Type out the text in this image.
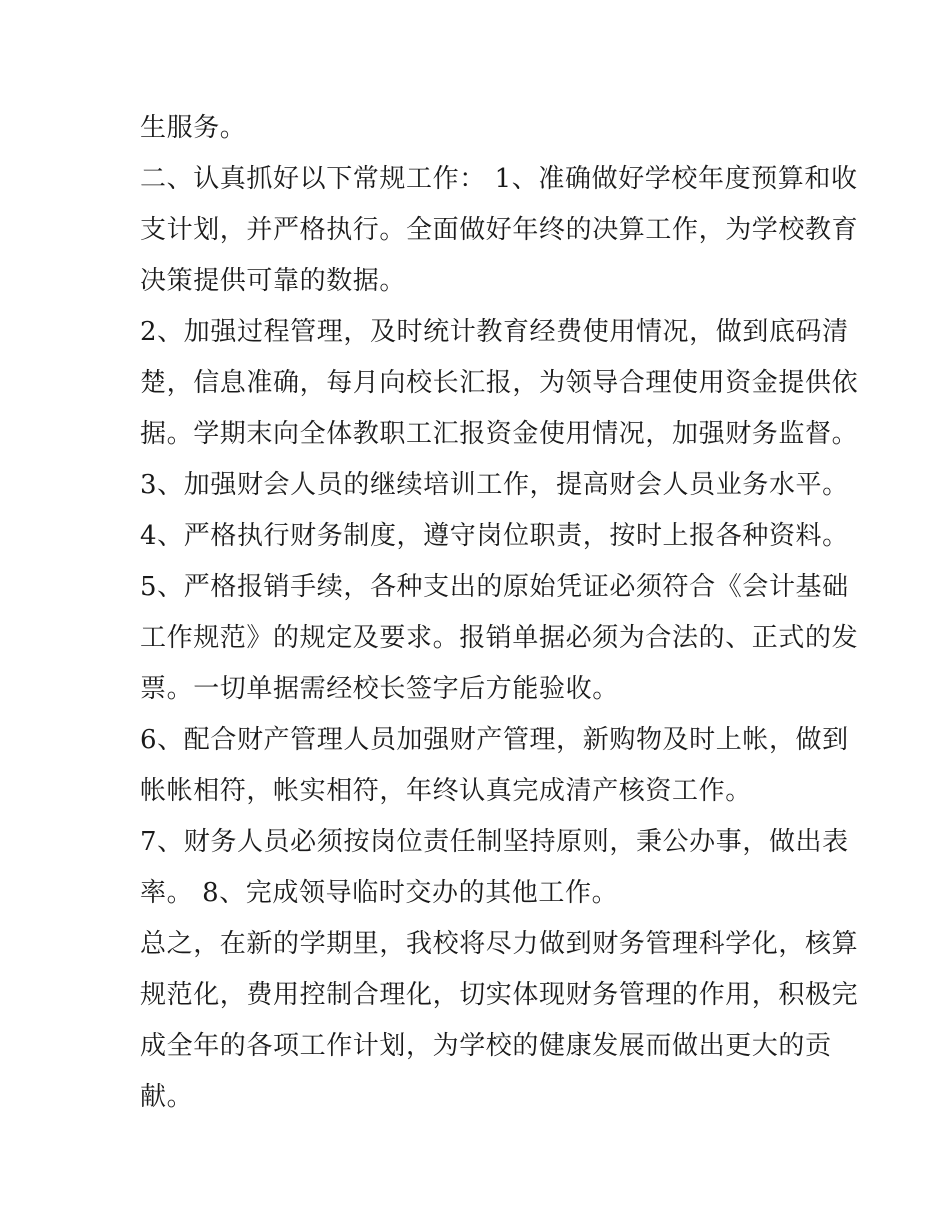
生服务。
二、认真抓好以下常规工作： 1、准确做好学校年度预算和收
支计划，并严格执行。全面做好年终的决算工作，为学校教育
决策提供可靠的数据。
2、加强过程管理，及时统计教育经费使用情况，做到底码清
楚，信息准确，每月向校长汇报，为领导合理使用资金提供依
据。学期末向全体教职工汇报资金使用情况，加强财务监督。
3、加强财会人员的继续培训工作，提高财会人员业务水平。
4、严格执行财务制度，遵守岗位职责，按时上报各种资料。
5、严格报销手续，各种支出的原始凭证必须符合《会计基础
工作规范》的规定及要求。报销单据必须为合法的、正式的发
票。一切单据需经校长签字后方能验收。
6、配合财产管理人员加强财产管理，新购物及时上帐，做到
帐帐相符，帐实相符，年终认真完成清产核资工作。
7、财务人员必须按岗位责任制坚持原则，秉公办事，做出表
率。 8、完成领导临时交办的其他工作。
总之，在新的学期里，我校将尽力做到财务管理科学化，核算
规范化，费用控制合理化，切实体现财务管理的作用，积极完
成全年的各项工作计划，为学校的健康发展而做出更大的贡
献。
